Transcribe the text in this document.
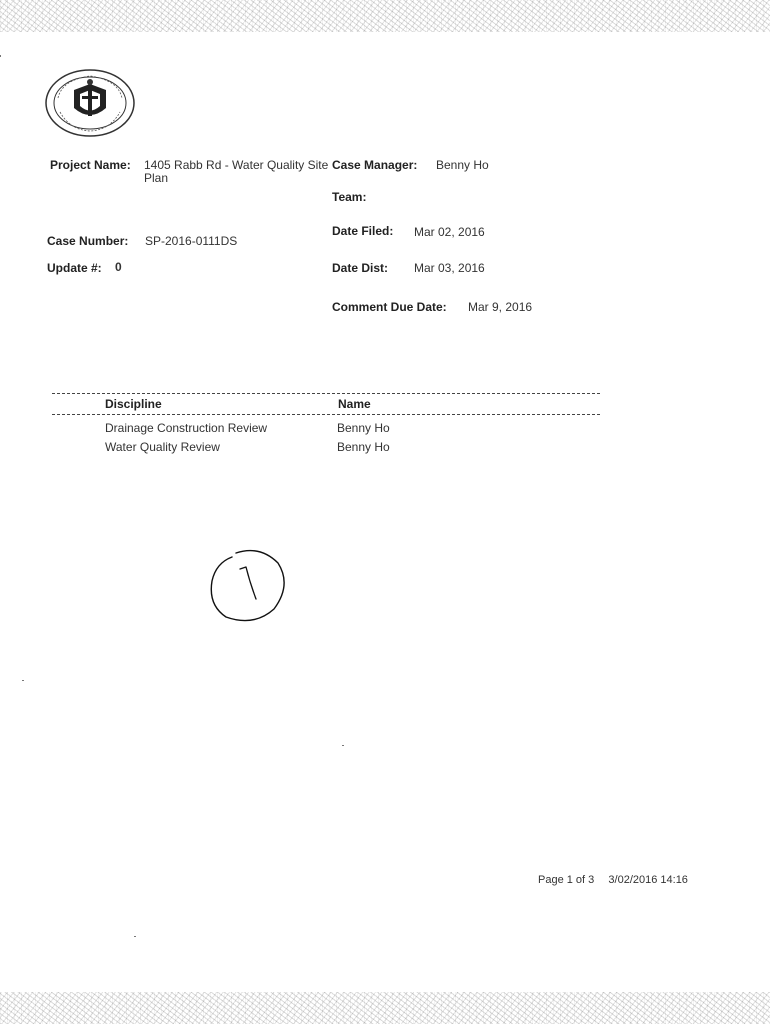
Project Name: 1405 Rabb Rd - Water Quality Site Plan
Case Number: SP-2016-0111DS
Update #: 0
Case Manager: Benny Ho
Team:
Date Filed: Mar 02, 2016
Date Dist: Mar 03, 2016
Comment Due Date: Mar 9, 2016
Discipline	Name
Drainage Construction Review	Benny Ho
Water Quality Review	Benny Ho
Page 1 of 3 3/02/2016 14:16
